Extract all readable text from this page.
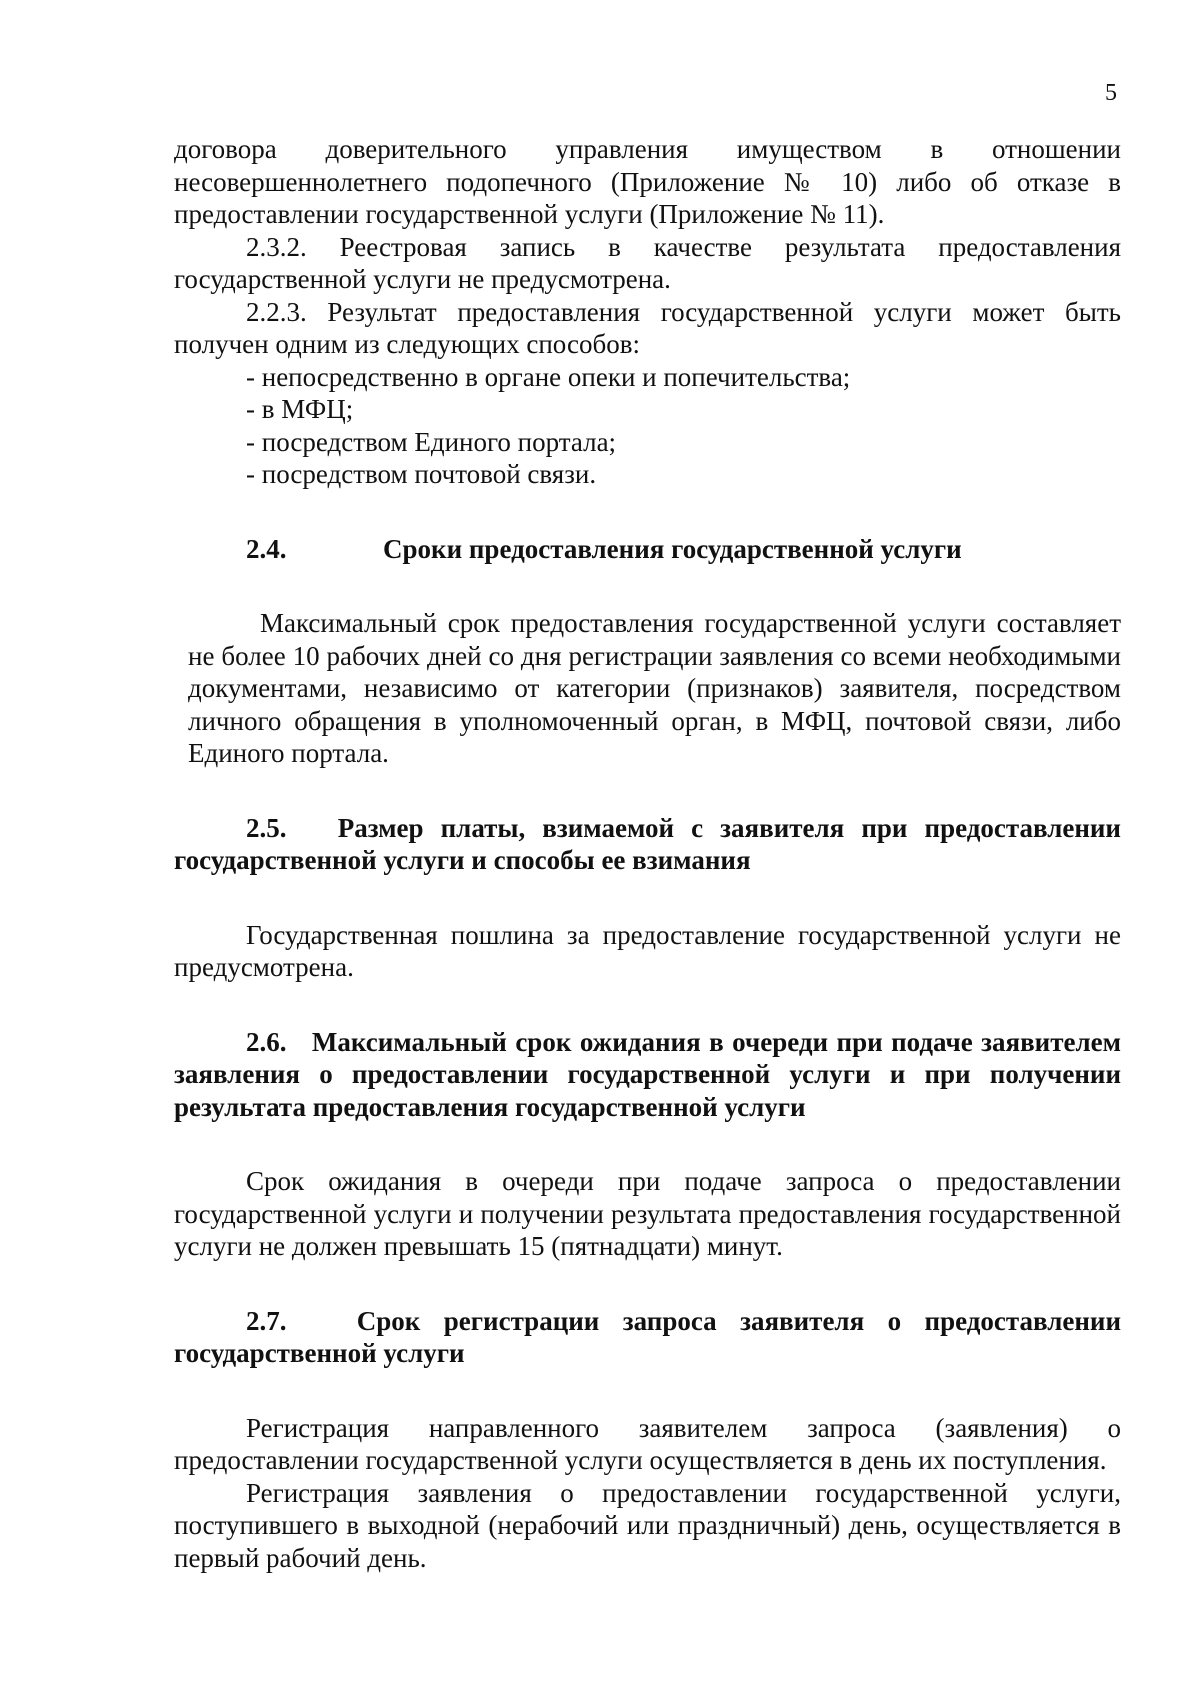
5

договора доверительного управления имуществом в отношении несовершеннолетнего подопечного (Приложение № 10) либо об отказе в предоставлении государственной услуги (Приложение № 11).

2.3.2. Реестровая запись в качестве результата предоставления государственной услуги не предусмотрена.

2.2.3. Результат предоставления государственной услуги может быть получен одним из следующих способов:

- непосредственно в органе опеки и попечительства;

- в МФЦ;

- посредством Единого портала;

- посредством почтовой связи.

2.4.	Сроки предоставления государственной услуги

Максимальный срок предоставления государственной услуги составляет не более 10 рабочих дней со дня регистрации заявления со всеми необходимыми документами, независимо от категории (признаков) заявителя, посредством личного обращения в уполномоченный орган, в МФЦ, почтовой связи, либо Единого портала.

2.5. Размер платы, взимаемой с заявителя при предоставлении государственной услуги и способы ее взимания

Государственная пошлина за предоставление государственной услуги не предусмотрена.

2.6. Максимальный срок ожидания в очереди при подаче заявителем заявления о предоставлении государственной услуги и при получении результата предоставления государственной услуги

Срок ожидания в очереди при подаче запроса о предоставлении государственной услуги и получении результата предоставления государственной услуги не должен превышать 15 (пятнадцати) минут.

2.7.	Срок регистрации запроса заявителя о предоставлении государственной услуги

Регистрация направленного заявителем запроса (заявления) о предоставлении государственной услуги осуществляется в день их поступления.

Регистрация заявления о предоставлении государственной услуги, поступившего в выходной (нерабочий или праздничный) день, осуществляется в первый рабочий день.
